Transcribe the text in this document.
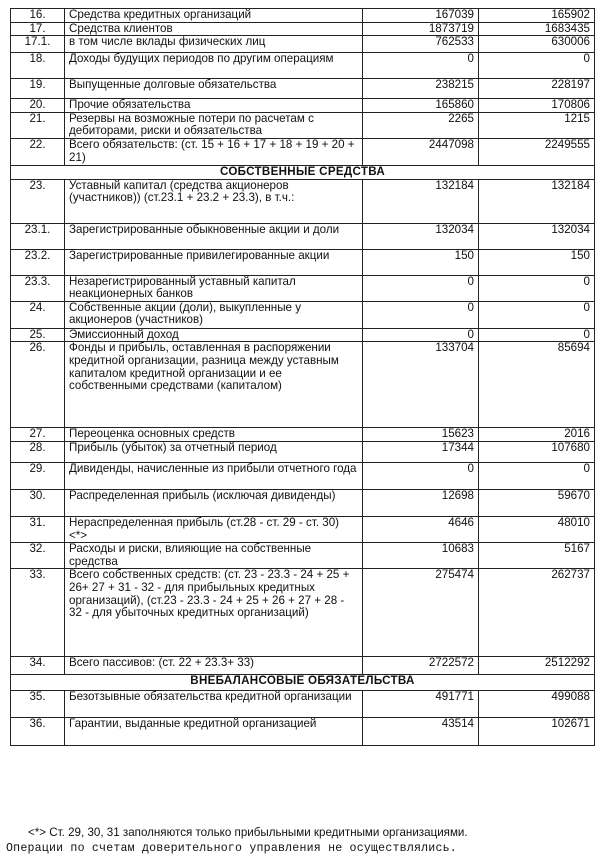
16.	Средства кредитных организаций	167039	165902
17.	Средства клиентов	1873719	1683435
17.1.	в том числе вклады физических лиц	762533	630006
18.	Доходы будущих периодов по другим операциям	0	0
19.	Выпущенные долговые обязательства	238215	228197
20.	Прочие обязательства	165860	170806
21.	Резервы на возможные потери по расчетам с дебиторами, риски и обязательства	2265	1215
22.	Всего обязательств: (ст. 15 + 16 + 17 + 18 + 19 + 20 + 21)	2447098	2249555
СОБСТВЕННЫЕ СРЕДСТВА			
23.	Уставный капитал (средства акционеров (участников)) (ст.23.1 + 23.2 + 23.3), в т.ч.:	132184	132184
23.1.	Зарегистрированные обыкновенные акции и доли	132034	132034
23.2.	Зарегистрированные привилегированные акции	150	150
23.3.	Незарегистрированный уставный капитал неакционерных банков	0	0
24.	Собственные акции (доли), выкупленные у акционеров (участников)	0	0
25.	Эмиссионный доход	0	0
26.	Фонды и прибыль, оставленная в распоряжении кредитной организации, разница между уставным капиталом кредитной организации и ее собственными средствами (капиталом)	133704	85694
27.	Переоценка основных средств	15623	2016
28.	Прибыль (убыток) за отчетный период	17344	107680
29.	Дивиденды, начисленные из прибыли отчетного года	0	0
30.	Распределенная прибыль (исключая дивиденды)	12698	59670
31.	Нераспределенная прибыль (ст.28 - ст. 29 - ст. 30) <*>	4646	48010
32.	Расходы и риски, влияющие на собственные средства	10683	5167
33.	Всего собственных средств: (ст. 23 - 23.3 - 24 + 25 + 26+ 27 + 31 - 32 - для прибыльных кредитных организаций), (ст.23 - 23.3 - 24 + 25 + 26 + 27 + 28 - 32 - для убыточных кредитных организаций)	275474	262737
34.	Всего пассивов: (ст. 22 + 23.3+ 33)	2722572	2512292
ВНЕБАЛАНСОВЫЕ ОБЯЗАТЕЛЬСТВА			
35.	Безотзывные обязательства кредитной организации	491771	499088
36.	Гарантии, выданные кредитной организацией	43514	102671
<*> Ст. 29, 30, 31 заполняются только прибыльными кредитными организациями.
Операции по счетам доверительного управления не осуществлялись.
